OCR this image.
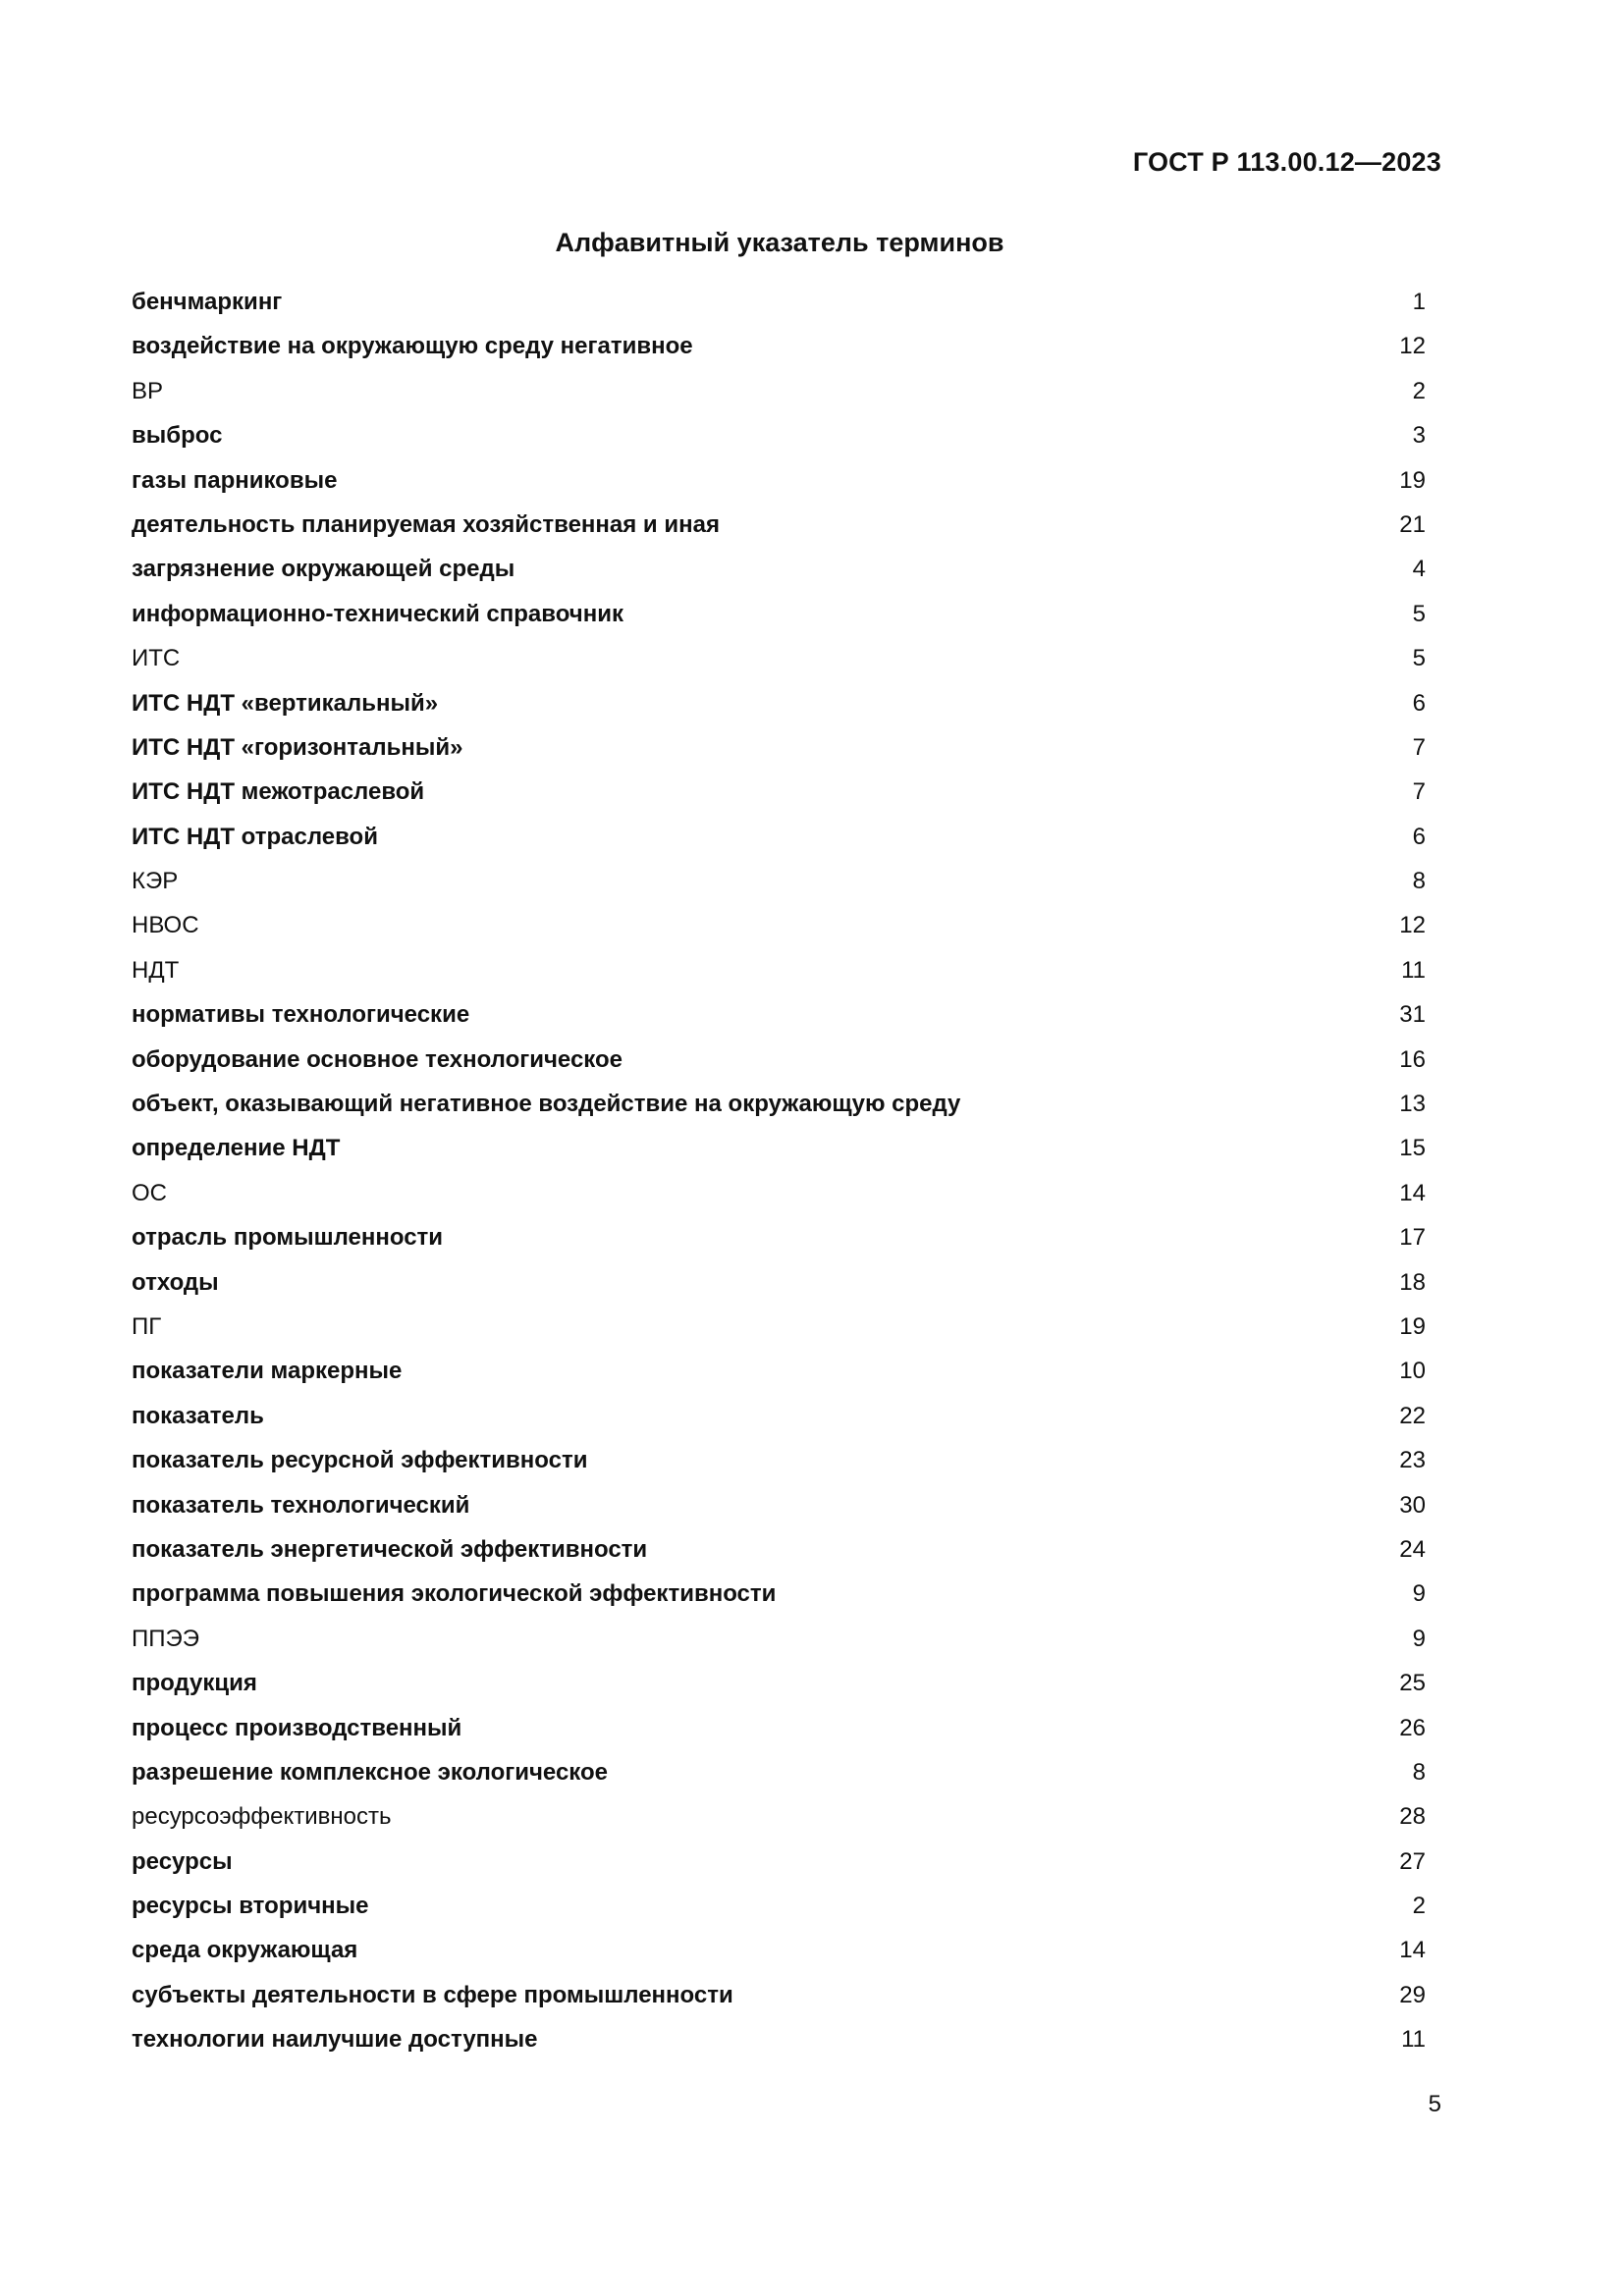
ГОСТ Р 113.00.12—2023
Алфавитный указатель терминов
бенчмаркинг	1
воздействие на окружающую среду негативное	12
ВР	2
выброс	3
газы парниковые	19
деятельность планируемая хозяйственная и иная	21
загрязнение окружающей среды	4
информационно-технический справочник	5
ИТС	5
ИТС НДТ «вертикальный»	6
ИТС НДТ «горизонтальный»	7
ИТС НДТ межотраслевой	7
ИТС НДТ отраслевой	6
КЭР	8
НВОС	12
НДТ	11
нормативы технологические	31
оборудование основное технологическое	16
объект, оказывающий негативное воздействие на окружающую среду	13
определение НДТ	15
ОС	14
отрасль промышленности	17
отходы	18
ПГ	19
показатели маркерные	10
показатель	22
показатель ресурсной эффективности	23
показатель технологический	30
показатель энергетической эффективности	24
программа повышения экологической эффективности	9
ППЭЭ	9
продукция	25
процесс производственный	26
разрешение комплексное экологическое	8
ресурсоэффективность	28
ресурсы	27
ресурсы вторичные	2
среда окружающая	14
субъекты деятельности в сфере промышленности	29
технологии наилучшие доступные	11
5
